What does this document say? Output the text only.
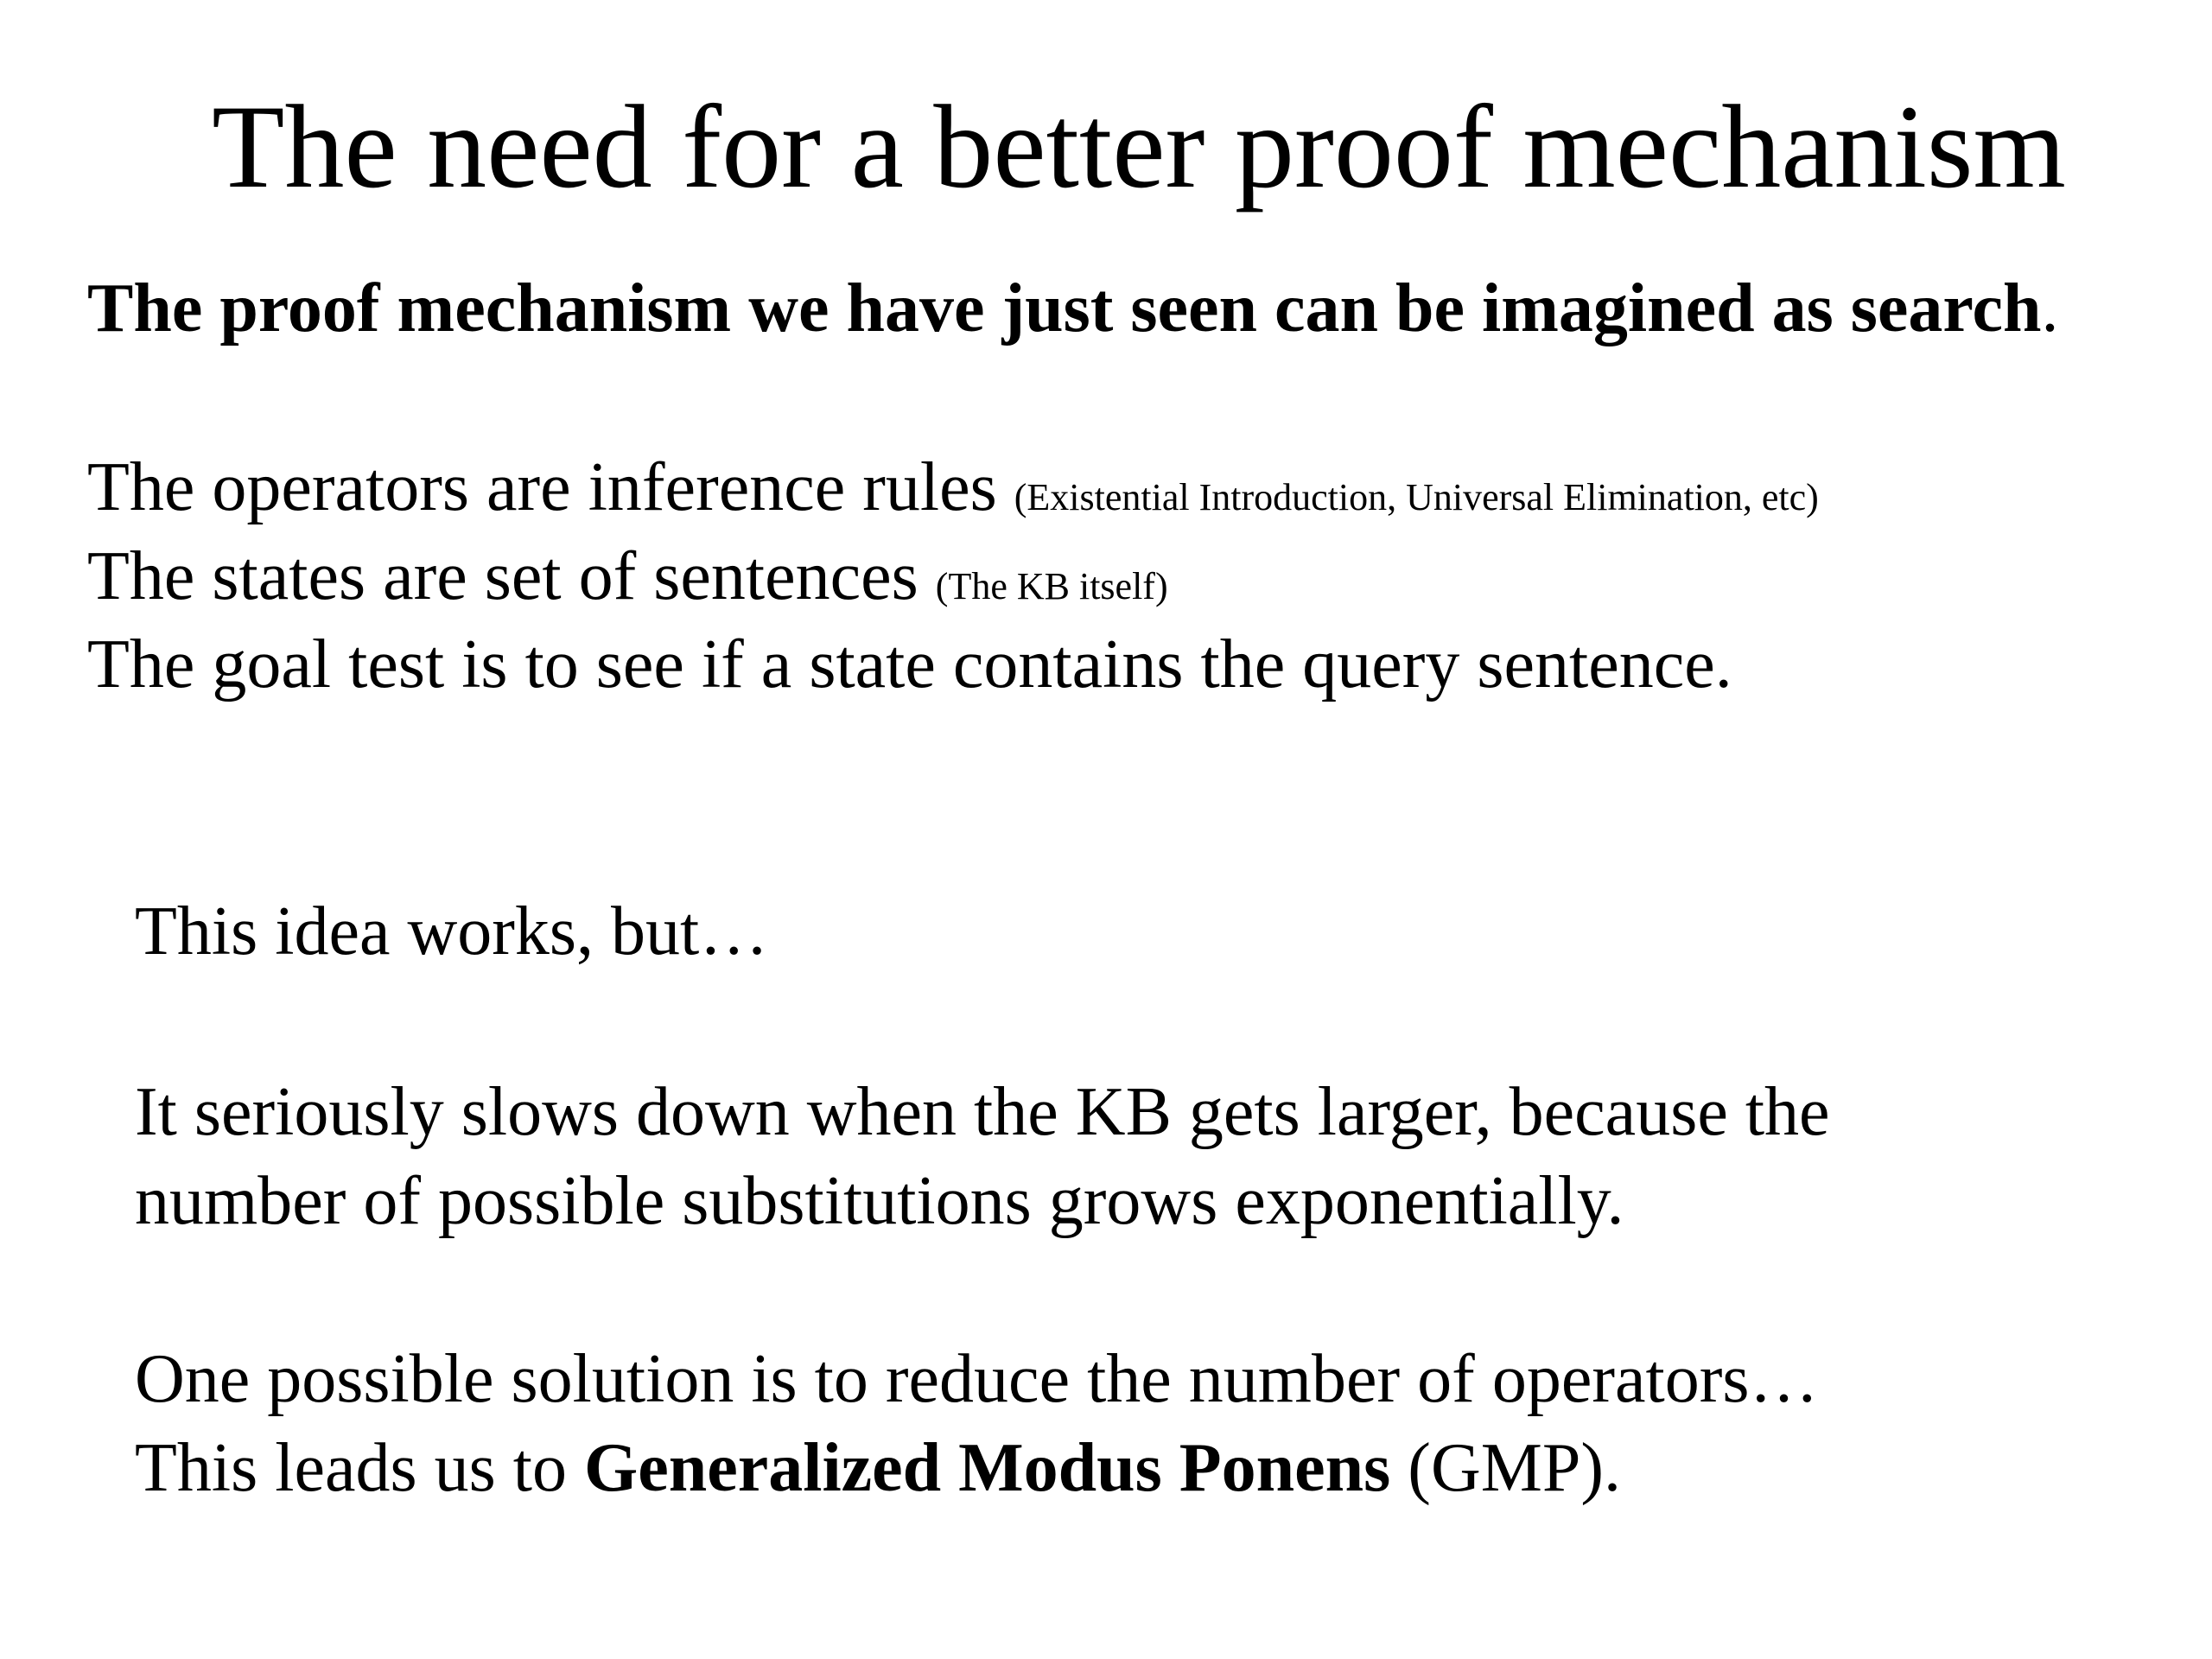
The need for a better proof mechanism
The proof mechanism we have just seen can be imagined as search.
The operators are inference rules (Existential Introduction, Universal Elimination, etc)
The states are set of sentences (The KB itself)
The goal test is to see if a state contains the query sentence.
This idea works, but…
It seriously slows down when the KB gets larger, because the
number of possible substitutions grows exponentially.
One possible solution is to reduce the number of operators…
This leads us to Generalized Modus Ponens (GMP).
